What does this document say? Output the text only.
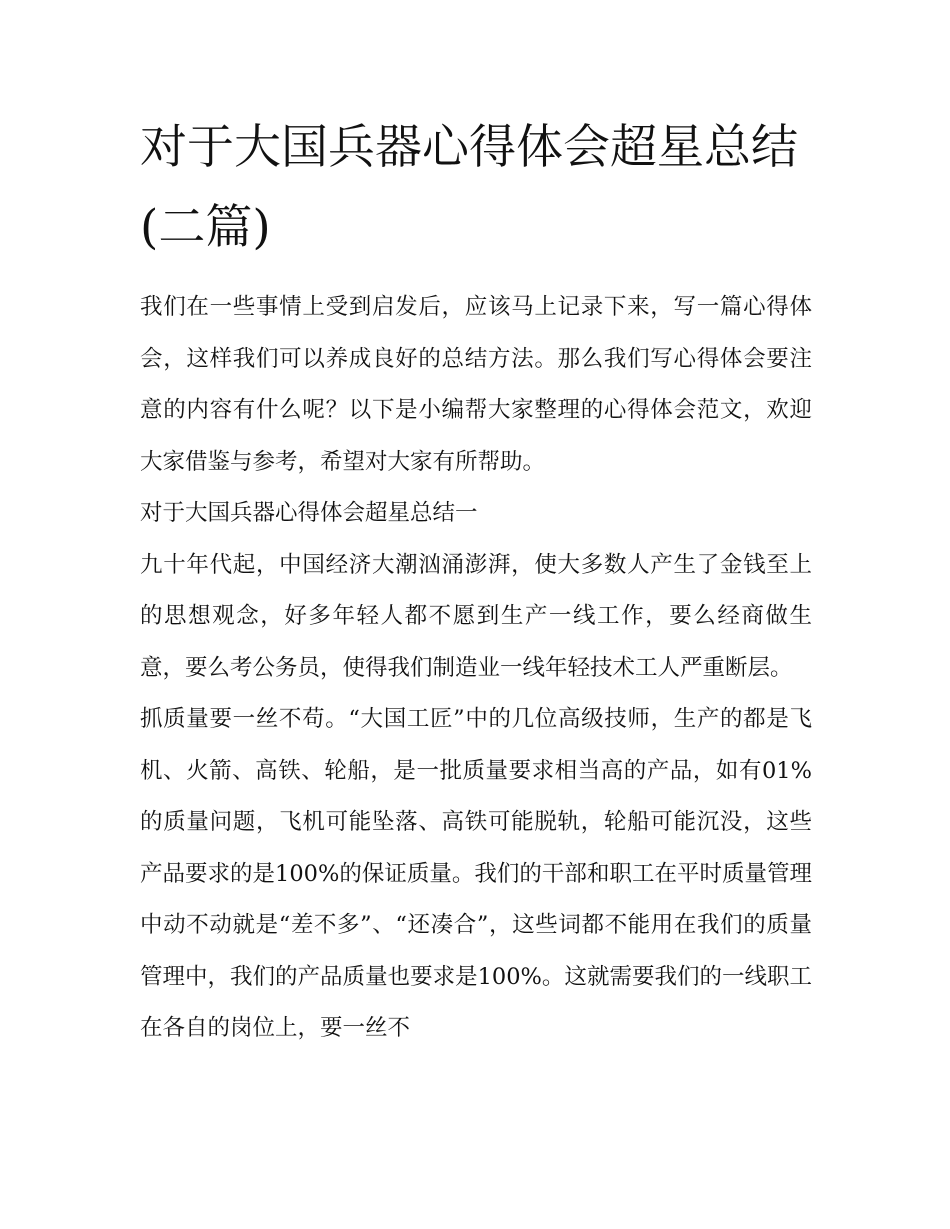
对于大国兵器心得体会超星总结(二篇)

我们在一些事情上受到启发后，应该马上记录下来，写一篇心得体会，这样我们可以养成良好的总结方法。那么我们写心得体会要注意的内容有什么呢？以下是小编帮大家整理的心得体会范文，欢迎大家借鉴与参考，希望对大家有所帮助。

对于大国兵器心得体会超星总结一

九十年代起，中国经济大潮汹涌澎湃，使大多数人产生了金钱至上的思想观念，好多年轻人都不愿到生产一线工作，要么经商做生意，要么考公务员，使得我们制造业一线年轻技术工人严重断层。

抓质量要一丝不苟。“大国工匠”中的几位高级技师，生产的都是飞机、火箭、高铁、轮船，是一批质量要求相当高的产品，如有01%的质量问题，飞机可能坠落、高铁可能脱轨，轮船可能沉没，这些产品要求的是100%的保证质量。我们的干部和职工在平时质量管理中动不动就是“差不多”、“还凑合”，这些词都不能用在我们的质量管理中，我们的产品质量也要求是100%。这就需要我们的一线职工在各自的岗位上，要一丝不
